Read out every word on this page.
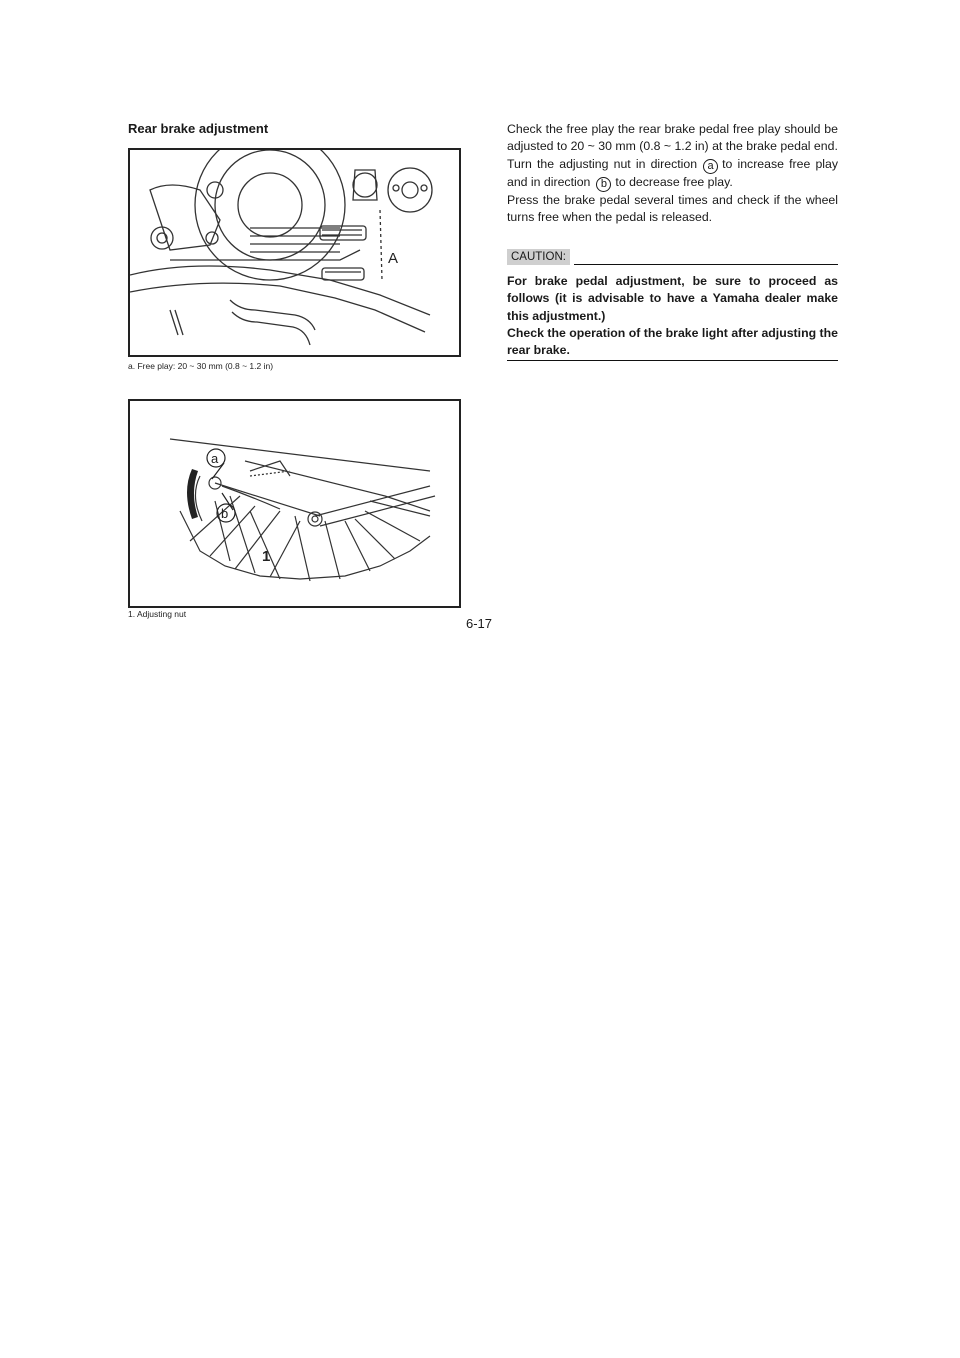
Rear brake adjustment
A
a. Free play: 20 ~ 30 mm (0.8 ~ 1.2 in)
a
b
1
1. Adjusting nut
6-17

Check the free play the rear brake pedal free play should be adjusted to 20 ~ 30 mm (0.8 ~ 1.2 in) at the brake pedal end.

Turn the adjusting nut in direction a to increase free play and in direction b to decrease free play.

Press the brake pedal several times and check if the wheel turns free when the pedal is released.

CAUTION:

For brake pedal adjustment, be sure to proceed as follows (it is advisable to have a Yamaha dealer make this adjustment.)

Check the operation of the brake light after adjusting the rear brake.
